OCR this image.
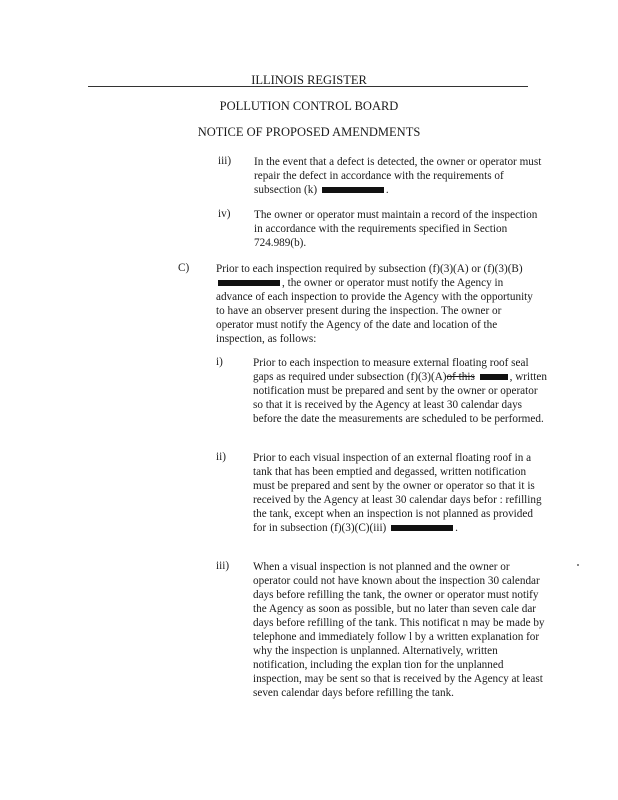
ILLINOIS REGISTER
POLLUTION CONTROL BOARD
NOTICE OF PROPOSED AMENDMENTS
iii) In the event that a defect is detected, the owner or operator must repair the defect in accordance with the requirements of subsection (k)	.
iv) The owner or operator must maintain a record of the inspection in accordance with the requirements specified in Section 724.989(b).
C) Prior to each inspection required by subsection (f)(3)(A) or (f)(3)(B) , the owner or operator must notify the Agency in advance of each inspection to provide the Agency with the opportunity to have an observer present during the inspection. The owner or operator must notify the Agency of the date and location of the inspection, as follows:
i)	Prior to each inspection to measure external floating roof seal gaps as required under subsection (f)(3)(A)of this	, written notification must be prepared and sent by the owner or operator so that it is received by the Agency at least 30 calendar days before the date the measurements are scheduled to be performed.
ii) Prior to each visual inspection of an external floating roof in a tank that has been emptied and degassed, written notification must be prepared and sent by the owner or operator so that it is received by the Agency at least 30 calendar days befor : refilling the tank, except when an inspection is not planned as provided for in subsection (f)(3)(C)(iii)	.
iii) When a visual inspection is not planned and the owner or operator could not have known about the inspection 30 calendar days before refilling the tank, the owner or operator must notify the Agency as soon as possible, but no later than seven cale dar days before refilling of the tank. This notificat n may be made by telephone and immediately follow l by a written explanation for why the inspection is unplanned. Alternatively, written notification, including the explan tion for the unplanned inspection, may be sent so that is received by the Agency at least seven calendar days before refilling the tank.
